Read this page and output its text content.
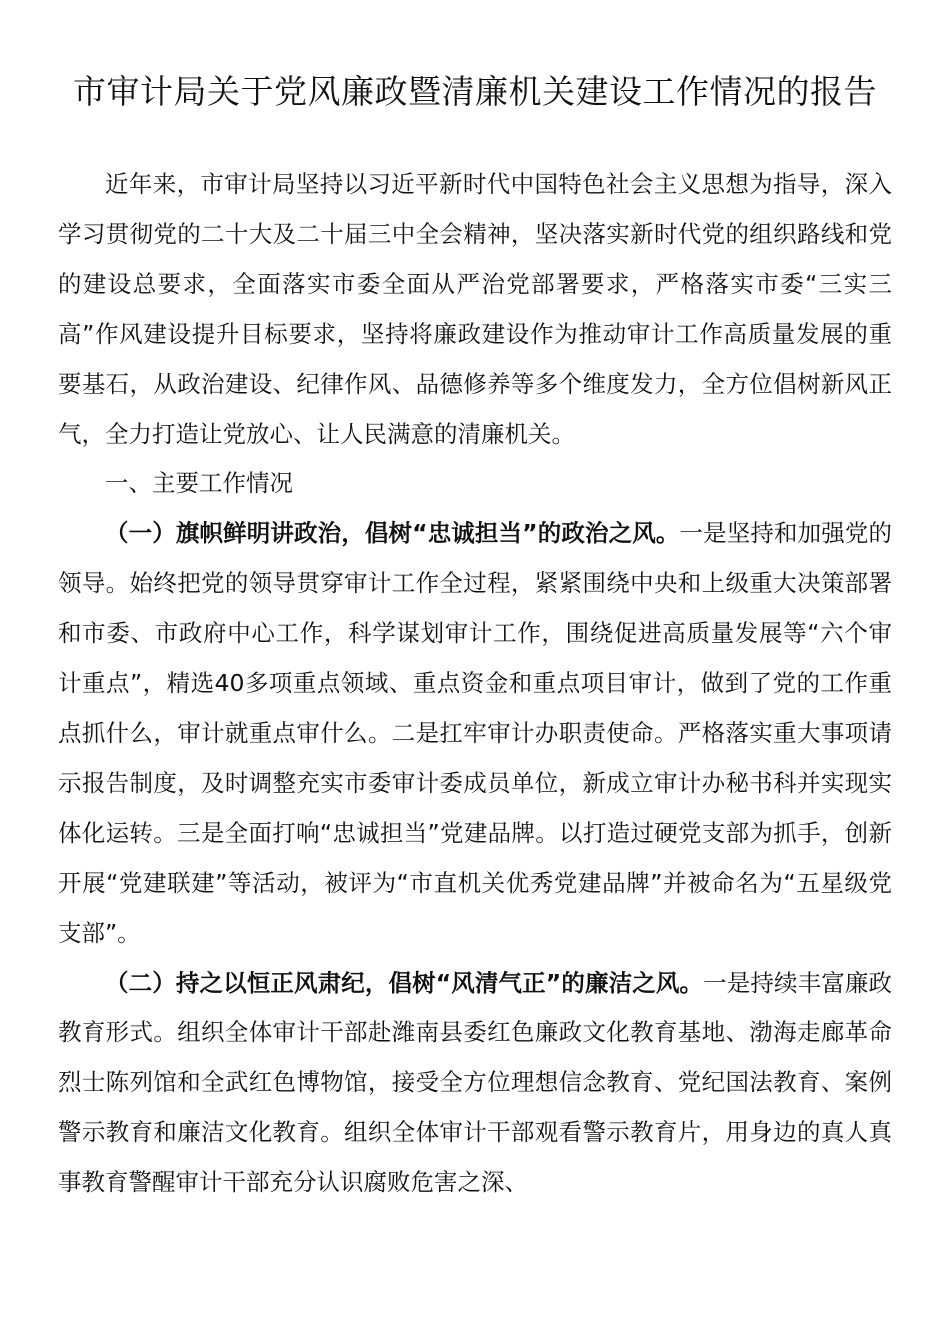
市审计局关于党风廉政暨清廉机关建设工作情况的报告

近年来，市审计局坚持以习近平新时代中国特色社会主义思想为指导，深入学习贯彻党的二十大及二十届三中全会精神，坚决落实新时代党的组织路线和党的建设总要求，全面落实市委全面从严治党部署要求，严格落实市委“三实三高”作风建设提升目标要求，坚持将廉政建设作为推动审计工作高质量发展的重要基石，从政治建设、纪律作风、品德修养等多个维度发力，全方位倡树新风正气，全力打造让党放心、让人民满意的清廉机关。

一、主要工作情况

（一）旗帜鲜明讲政治，倡树“忠诚担当”的政治之风。一是坚持和加强党的领导。始终把党的领导贯穿审计工作全过程，紧紧围绕中央和上级重大决策部署和市委、市政府中心工作，科学谋划审计工作，围绕促进高质量发展等“六个审计重点”，精选40多项重点领域、重点资金和重点项目审计，做到了党的工作重点抓什么，审计就重点审什么。二是扛牢审计办职责使命。严格落实重大事项请示报告制度，及时调整充实市委审计委成员单位，新成立审计办秘书科并实现实体化运转。三是全面打响“忠诚担当”党建品牌。以打造过硬党支部为抓手，创新开展“党建联建”等活动，被评为“市直机关优秀党建品牌”并被命名为“五星级党支部”。

（二）持之以恒正风肃纪，倡树“风清气正”的廉洁之风。一是持续丰富廉政教育形式。组织全体审计干部赴潍南县委红色廉政文化教育基地、渤海走廊革命烈士陈列馆和全武红色博物馆，接受全方位理想信念教育、党纪国法教育、案例警示教育和廉洁文化教育。组织全体审计干部观看警示教育片，用身边的真人真事教育警醒审计干部充分认识腐败危害之深、
